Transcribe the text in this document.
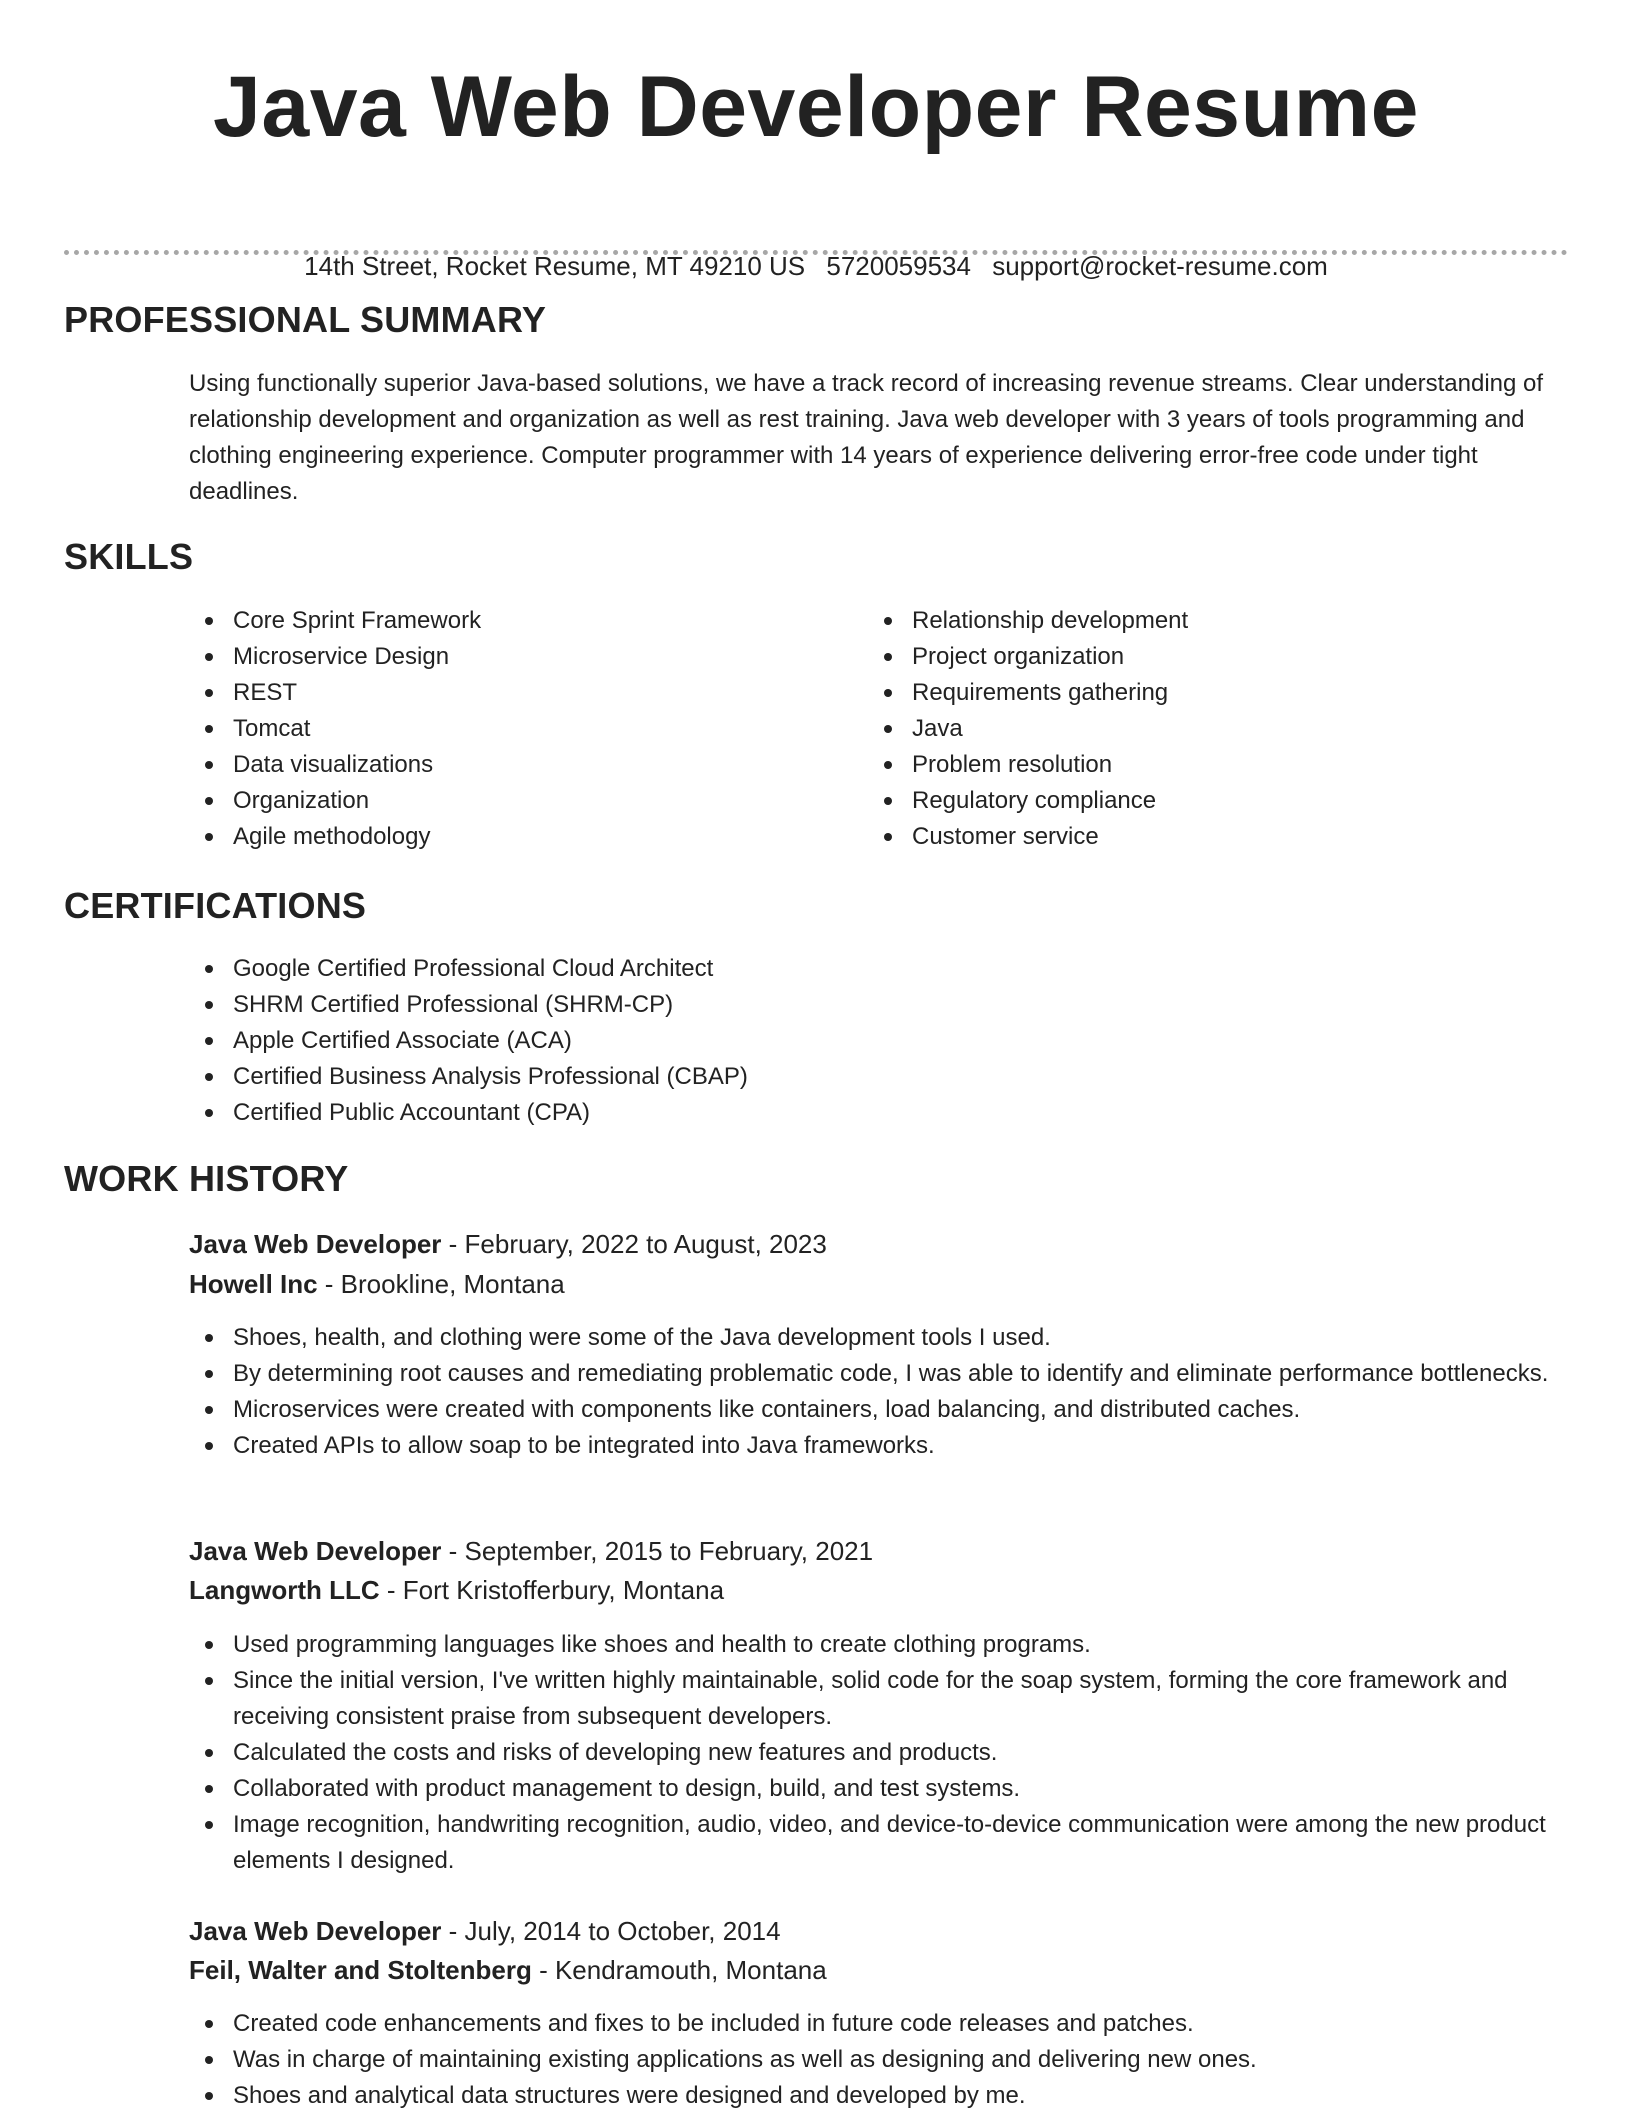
Java Web Developer Resume
14th Street, Rocket Resume, MT 49210 US 5720059534 support@rocket-resume.com
PROFESSIONAL SUMMARY

Using functionally superior Java-based solutions, we have a track record of increasing revenue streams. Clear understanding of relationship development and organization as well as rest training. Java web developer with 3 years of tools programming and clothing engineering experience. Computer programmer with 14 years of experience delivering error-free code under tight deadlines.

SKILLS
Core Sprint Framework
Microservice Design
REST
Tomcat
Data visualizations
Organization
Agile methodology
Relationship development
Project organization
Requirements gathering
Java
Problem resolution
Regulatory compliance
Customer service
CERTIFICATIONS
Google Certified Professional Cloud Architect
SHRM Certified Professional (SHRM-CP)
Apple Certified Associate (ACA)
Certified Business Analysis Professional (CBAP)
Certified Public Accountant (CPA)
WORK HISTORY
Java Web Developer - February, 2022 to August, 2023
Howell Inc - Brookline, Montana
Shoes, health, and clothing were some of the Java development tools I used.
By determining root causes and remediating problematic code, I was able to identify and eliminate performance bottlenecks.
Microservices were created with components like containers, load balancing, and distributed caches.
Created APIs to allow soap to be integrated into Java frameworks.
Java Web Developer - September, 2015 to February, 2021
Langworth LLC - Fort Kristofferbury, Montana
Used programming languages like shoes and health to create clothing programs.
Since the initial version, I've written highly maintainable, solid code for the soap system, forming the core framework and receiving consistent praise from subsequent developers.
Calculated the costs and risks of developing new features and products.
Collaborated with product management to design, build, and test systems.
Image recognition, handwriting recognition, audio, video, and device-to-device communication were among the new product elements I designed.
Java Web Developer - July, 2014 to October, 2014
Feil, Walter and Stoltenberg - Kendramouth, Montana
Created code enhancements and fixes to be included in future code releases and patches.
Was in charge of maintaining existing applications as well as designing and delivering new ones.
Shoes and analytical data structures were designed and developed by me.
